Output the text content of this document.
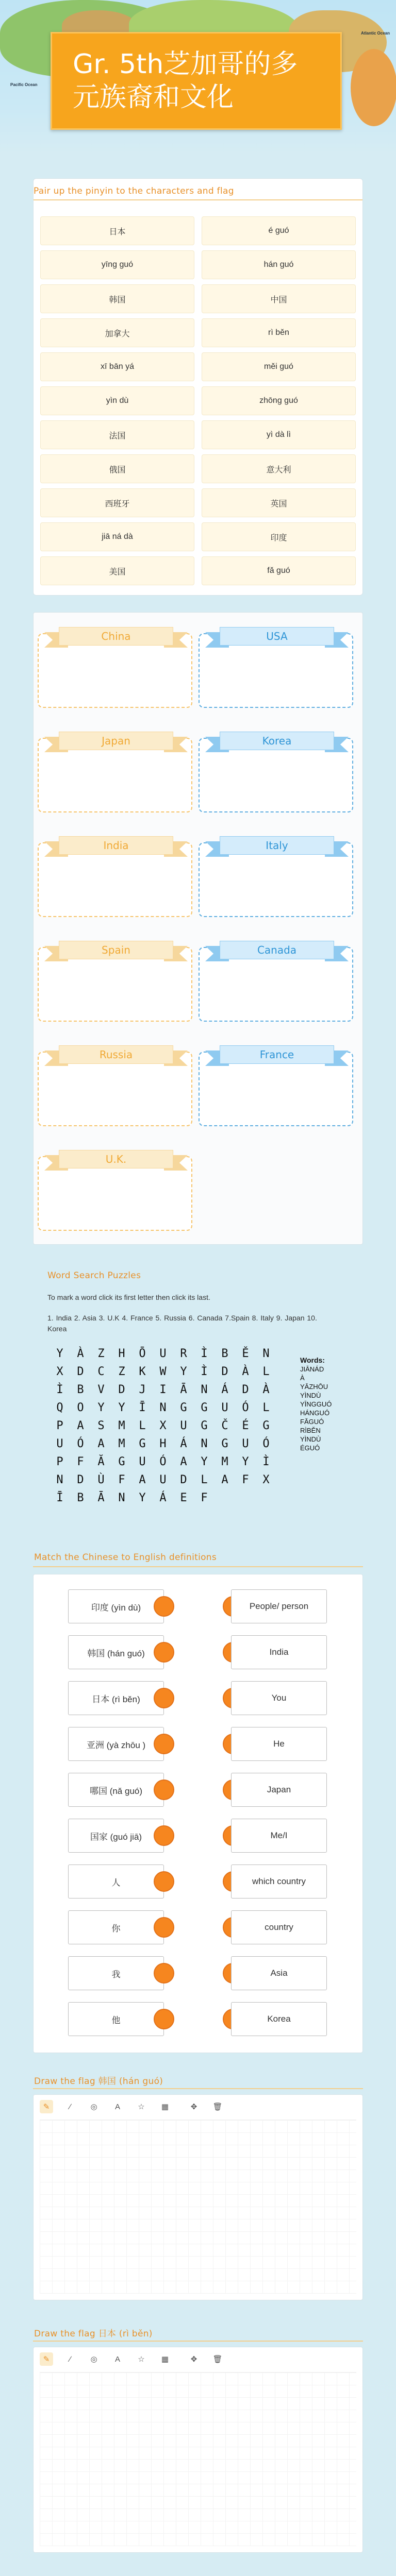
Pacific Ocean
Atlantic Ocean
Gr. 5th芝加哥的多
元族裔和文化
Pair up the pinyin to the characters and flag
日本	é guó
yīng guó	hán guó
韩国	中国
加拿大	rì běn
xī bān yá	měi guó
yìn dù	zhōng guó
法国	yì dà lì
俄国	意大利
西班牙	英国
jiā ná dà	印度
美国	fǎ guó
China	USA
Japan	Korea
India	Italy
Spain	Canada
Russia	France
U.K.
Word Search Puzzles
To mark a word click its first letter then click its last.
1. India 2. Asia 3. U.K 4. France 5. Russia 6. Canada 7.Spain 8. Italy 9. Japan 10. Korea
Y	À	Z	H	Ō	U	R	Ì	B	Ě	N
X	D	C	Z	K	W	Y	Ì	D	À	L
Ì	B	V	D	J	I	Ā	N	Á	D	À
Q	O	Y	Y	Ī	N	G	G	U	Ó	L
P	A	S	M	L	X	U	G	Č	É	G
U	Ó	A	M	G	H	Á	N	G	U	Ó
P	F	Ă	G	U	Ó	A	Y	M	Y	Ì
N	D	Ù	F	A	U	D	L	A	F	X
Ī	B	Ā	N	Y	Á	E	F
Words:
JIĀNÁD
À
YĀZHŌU
YÌNDÙ
YĪNGGUÓ
HÁNGUÓ
FĂGUÓ
RÌBĚN
YÌNDÙ
ÉGUÓ
Match the Chinese to English definitions
印度 (yìn dù)	People/ person
韩国 (hán guó)	India
日本 (rì běn)	You
亚洲 (yà zhōu )	He
哪国 (nǎ guó)	Japan
国家 (guó jiā)	Me/I
人	which country
你	country
我	Asia
他	Korea
Draw the flag 韩国 (hán guó)
✎	∕	◎	A	☆	▦	✥	🗑
Draw the flag 日本 (rì běn)
✎	∕	◎	A	☆	▦	✥	🗑
